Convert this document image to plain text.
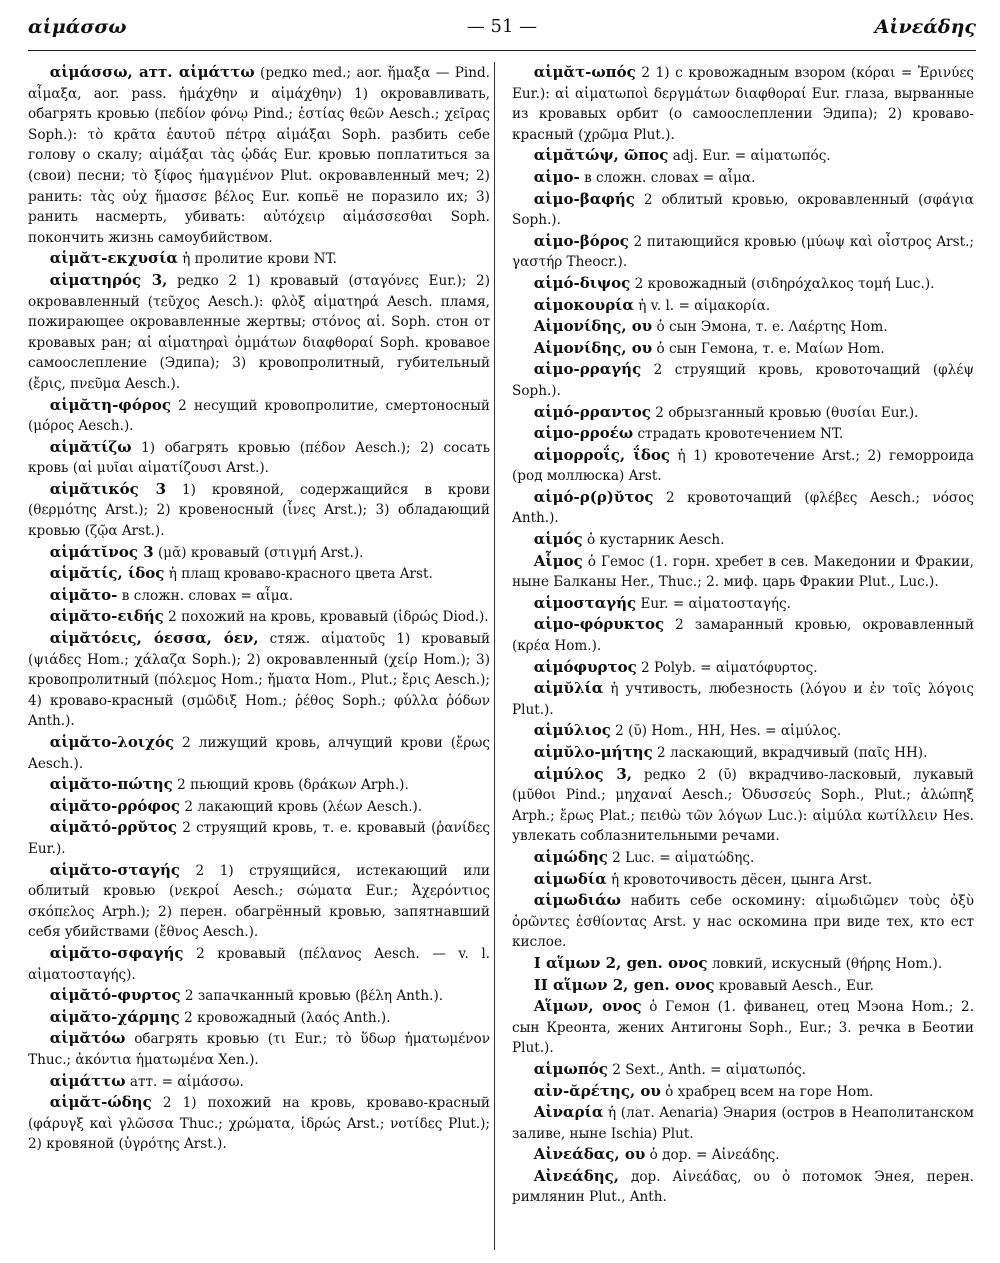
αἱμάσσω	— 51 —	Αἰνεάδης

αἱμάσσω, атт. αἱμάττω (редко med.; aor. ἥμαξα — Pind. αἷμαξα, aor. pass. ἡμάχθην и αἱμάχθην) 1) окровавливать, обагрять кровью (πεδίον φόνῳ Pind.; ἑστίας θεῶν Aesch.; χεῖρας Soph.): τὸ κρᾶτα ἑαυτοῦ πέτρᾳ αἱμάξαι Soph. разбить себе голову о скалу; αἱμάξαι τὰς ᾠδάς Eur. кровью поплатиться за (свои) песни; τὸ ξίφος ἡμαγμένον Plut. окровавленный меч; 2) ранить: τὰς οὐχ ἥμασσε βέλος Eur. копьё не поразило их; 3) ранить насмерть, убивать: αὐτόχειρ αἱμάσσεσθαι Soph. покончить жизнь самоубийством.

αἱμᾰτ-εκχυσία ἡ пролитие крови NT.

αἱματηρός 3, редко 2 1) кровавый (σταγόνες Eur.); 2) окровавленный (τεῦχος Aesch.): φλὸξ αἱματηρά Aesch. пламя, пожирающее окровавленные жертвы; στόνος αἱ. Soph. стон от кровавых ран; αἱ αἱματηραὶ ὀμμάτων διαφθοραί Soph. кровавое самоослепление (Эдипа); 3) кровопролитный, губительный (ἔρις, πνεῦμα Aesch.).

αἱμᾰτη-φόρος 2 несущий кровопролитие, смертоносный (μόρος Aesch.).

αἱμᾰτίζω 1) обагрять кровью (πέδον Aesch.); 2) сосать кровь (αἱ μυῖαι αἱματίζουσι Arst.).

αἱμᾰτικός 3 1) кровяной, содержащийся в крови (θερμότης Arst.); 2) кровеносный (ἶνες Arst.); 3) обладающий кровью (ζῷα Arst.).

αἱμάτῐνος 3 (μᾰ) кровавый (στιγμή Arst.).

αἱμᾰτίς, ίδος ἡ плащ кроваво-красного цвета Arst.

αἱμᾰτο- в сложн. словах = αἷμα.

αἱμᾰτο-ειδής 2 похожий на кровь, кровавый (ἱδρώς Diod.).

αἱμᾰτόεις, όεσσα, όεν, стяж. αἱματοῦς 1) кровавый (ψιάδες Hom.; χάλαζα Soph.); 2) окровавленный (χείρ Hom.); 3) кровопролитный (πόλεμος Hom.; ἤματα Hom., Plut.; ἔρις Aesch.); 4) кроваво-красный (σμῶδιξ Hom.; ῥέθος Soph.; φύλλα ῥόδων Anth.).

αἱμᾰτο-λοιχός 2 лижущий кровь, алчущий крови (ἔρως Aesch.).

αἱμᾰτο-πώτης 2 пьющий кровь (δράκων Arph.).

αἱμᾰτο-ρρόφος 2 лакающий кровь (λέων Aesch.).

αἱμᾰτό-ρρῠτος 2 струящий кровь, т. е. кровавый (ῥανίδες Eur.).

αἱμᾰτο-σταγής 2 1) струящийся, истекающий или облитый кровью (νεκροί Aesch.; σώματα Eur.; Ἀχερόντιος σκόπελος Arph.); 2) перен. обагрённый кровью, запятнавший себя убийствами (ἔθνος Aesch.).

αἱμᾰτο-σφαγής 2 кровавый (πέλανος Aesch. — v. l. αἱματοσταγής).

αἱμᾰτό-φυρτος 2 запачканный кровью (βέλη Anth.).

αἱμᾰτο-χάρμης 2 кровожадный (λαός Anth.).

αἱμᾰτόω обагрять кровью (τι Eur.; τὸ ὕδωρ ἡματωμένον Thuc.; ἀκόντια ἡματωμένα Xen.).

αἱμάττω атт. = αἱμάσσω.

αἱμᾰτ-ώδης 2 1) похожий на кровь, кроваво-красный (φάρυγξ καὶ γλῶσσα Thuc.; χρώματα, ἱδρώς Arst.; νοτίδες Plut.); 2) кровяной (ὑγρότης Arst.).

αἱμᾰτ-ωπός 2 1) с кровожадным взором (κόραι = Ἐρινύες Eur.): αἱ αἱματωποὶ δεργμάτων διαφθοραί Eur. глаза, вырванные из кровавых орбит (о самоослеплении Эдипа); 2) кроваво-красный (χρῶμα Plut.).

αἱμᾰτώψ, ῶπος adj. Eur. = αἱματωπός.

αἱμο- в сложн. словах = αἷμα.

αἱμο-βαφής 2 облитый кровью, окровавленный (σφάγια Soph.).

αἱμο-βόρος 2 питающийся кровью (μύωψ καὶ οἶστρος Arst.; γαστήρ Theocr.).

αἱμό-διψος 2 кровожадный (σιδηρόχαλκος τομή Luc.).

αἱμοκουρία ἡ v. l. = αἱμακορία.

Αἱμονίδης, ου ὁ сын Эмона, т. е. Λαέρτης Hom.

Αἱμονίδης, ου ὁ сын Гемона, т. е. Μαίων Hom.

αἱμο-ρραγής 2 струящий кровь, кровоточащий (φλέψ Soph.).

αἱμό-ρραντος 2 обрызганный кровью (θυσίαι Eur.).

αἱμο-ρροέω страдать кровотечением NT.

αἱμορροΐς, ΐδος ἡ 1) кровотечение Arst.; 2) геморроида (род моллюска) Arst.

αἱμό-ρ(ρ)ῠτος 2 кровоточащий (φλέβες Aesch.; νόσος Anth.).

αἱμός ὁ кустарник Aesch.

Αἷμος ὁ Гемос (1. горн. хребет в сев. Македонии и Фракии, ныне Балканы Her., Thuc.; 2. миф. царь Фракии Plut., Luc.).

αἱμοσταγής Eur. = αἱματοσταγής.

αἱμο-φόρυκτος 2 замаранный кровью, окровавленный (κρέα Hom.).

αἱμόφυρτος 2 Polyb. = αἱματόφυρτος.

αἱμῠλία ἡ учтивость, любезность (λόγου и ἐν τοῖς λόγοις Plut.).

αἱμύλιος 2 (ῠ) Hom., HH, Hes. = αἱμύλος.

αἱμῠλο-μήτης 2 ласкающий, вкрадчивый (παῖς HH).

αἱμύλος 3, редко 2 (ῠ) вкрадчиво-ласковый, лукавый (μῦθοι Pind.; μηχαναί Aesch.; Ὀδυσσεύς Soph., Plut.; ἀλώπηξ Arph.; ἔρως Plat.; πειθὼ τῶν λόγων Luc.): αἱμύλα κωτίλλειν Hes. увлекать соблазнительными речами.

αἱμώδης 2 Luc. = αἱματώδης.

αἱμωδία ἡ кровоточивость дёсен, цынга Arst.

αἱμωδιάω набить себе оскомину: αἱμωδιῶμεν τοὺς ὀξὺ ὀρῶντες ἐσθίοντας Arst. у нас оскомина при виде тех, кто ест кислое.

I αἵμων 2, gen. ονος ловкий, искусный (θήρης Hom.).

II αἵμων 2, gen. ονος кровавый Aesch., Eur.

Αἵμων, ονος ὁ Гемон (1. фиванец, отец Мэона Hom.; 2. сын Креонта, жених Антигоны Soph., Eur.; 3. речка в Беотии Plut.).

αἱμωπός 2 Sext., Anth. = αἱματωπός.

αἰν-ᾰρέτης, ου ὁ храбрец всем на горе Hom.

Αἰναρία ἡ (лат. Aenaria) Энария (остров в Неаполитанском заливе, ныне Ischia) Plut.

Αἰνεάδας, ου ὁ дор. = Αἰνεάδης.

Αἰνεάδης, дор. Αἰνεάδας, ου ὁ потомок Энея, перен. римлянин Plut., Anth.
